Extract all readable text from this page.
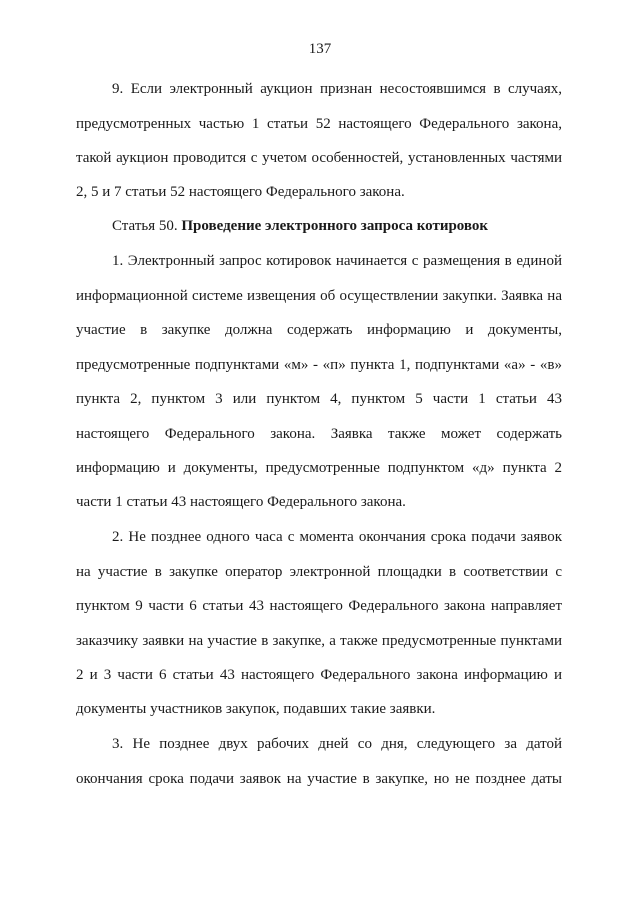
137
9. Если электронный аукцион признан несостоявшимся в случаях,
предусмотренных частью 1 статьи 52 настоящего Федерального закона,
такой аукцион проводится с учетом особенностей, установленных частями
2, 5 и 7 статьи 52 настоящего Федерального закона.
Статья 50. Проведение электронного запроса котировок
1. Электронный запрос котировок начинается с размещения в единой
информационной системе извещения об осуществлении закупки. Заявка на
участие в закупке должна содержать информацию и документы,
предусмотренные подпунктами «м» - «п» пункта 1, подпунктами «а» - «в»
пункта 2, пунктом 3 или пунктом 4, пунктом 5 части 1 статьи 43
настоящего Федерального закона. Заявка также может содержать
информацию и документы, предусмотренные подпунктом «д» пункта 2
части 1 статьи 43 настоящего Федерального закона.
2. Не позднее одного часа с момента окончания срока подачи заявок
на участие в закупке оператор электронной площадки в соответствии с
пунктом 9 части 6 статьи 43 настоящего Федерального закона направляет
заказчику заявки на участие в закупке, а также предусмотренные пунктами
2 и 3 части 6 статьи 43 настоящего Федерального закона информацию и
документы участников закупок, подавших такие заявки.
3. Не позднее двух рабочих дней со дня, следующего за датой
окончания срока подачи заявок на участие в закупке, но не позднее даты
